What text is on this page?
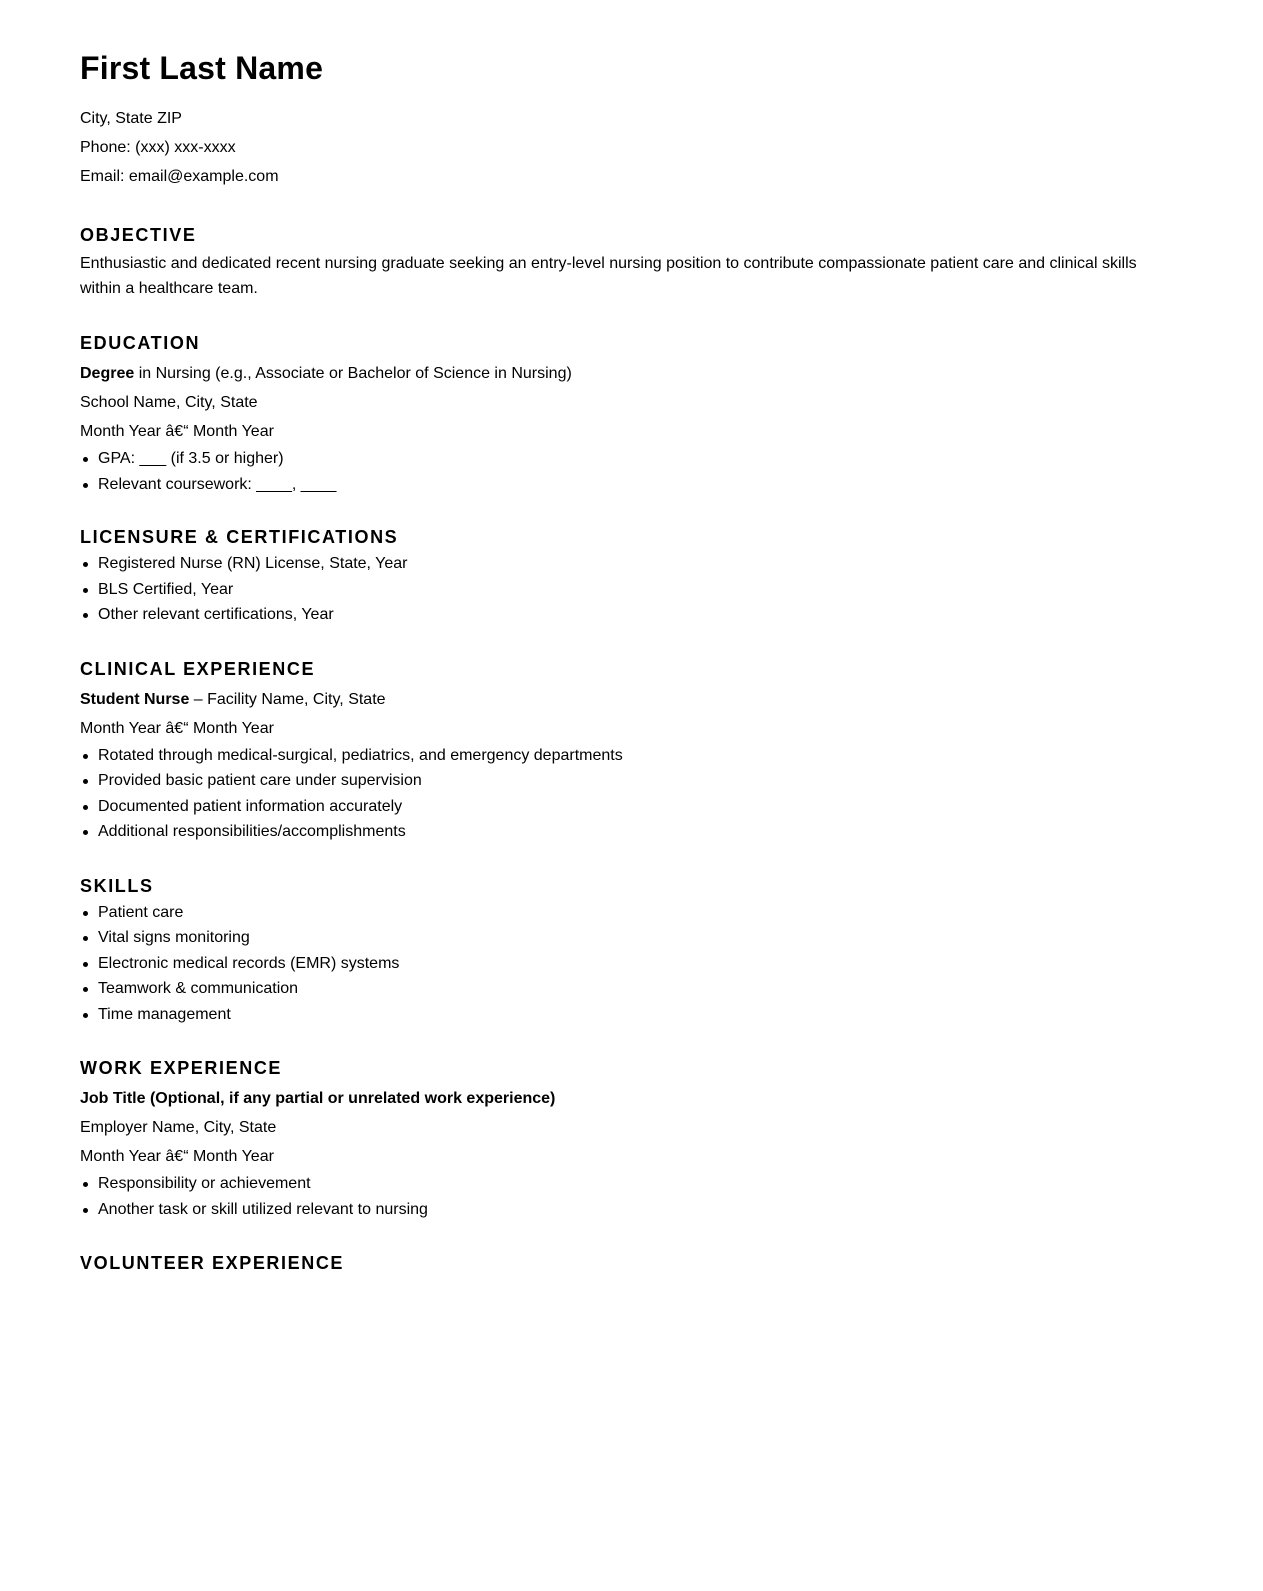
First Last Name

City, State ZIP

Phone: (xxx) xxx-xxxx

Email: email@example.com

OBJECTIVE

Enthusiastic and dedicated recent nursing graduate seeking an entry-level nursing position to contribute compassionate patient care and clinical skills within a healthcare team.

EDUCATION

Degree in Nursing (e.g., Associate or Bachelor of Science in Nursing)

School Name, City, State

Month Year â€“ Month Year

GPA: ___ (if 3.5 or higher)
Relevant coursework: ____, ____
LICENSURE & CERTIFICATIONS
Registered Nurse (RN) License, State, Year
BLS Certified, Year
Other relevant certifications, Year
CLINICAL EXPERIENCE

Student Nurse – Facility Name, City, State

Month Year â€“ Month Year

Rotated through medical-surgical, pediatrics, and emergency departments
Provided basic patient care under supervision
Documented patient information accurately
Additional responsibilities/accomplishments
SKILLS
Patient care
Vital signs monitoring
Electronic medical records (EMR) systems
Teamwork & communication
Time management
WORK EXPERIENCE

Job Title (Optional, if any partial or unrelated work experience)

Employer Name, City, State

Month Year â€“ Month Year

Responsibility or achievement
Another task or skill utilized relevant to nursing
VOLUNTEER EXPERIENCE
